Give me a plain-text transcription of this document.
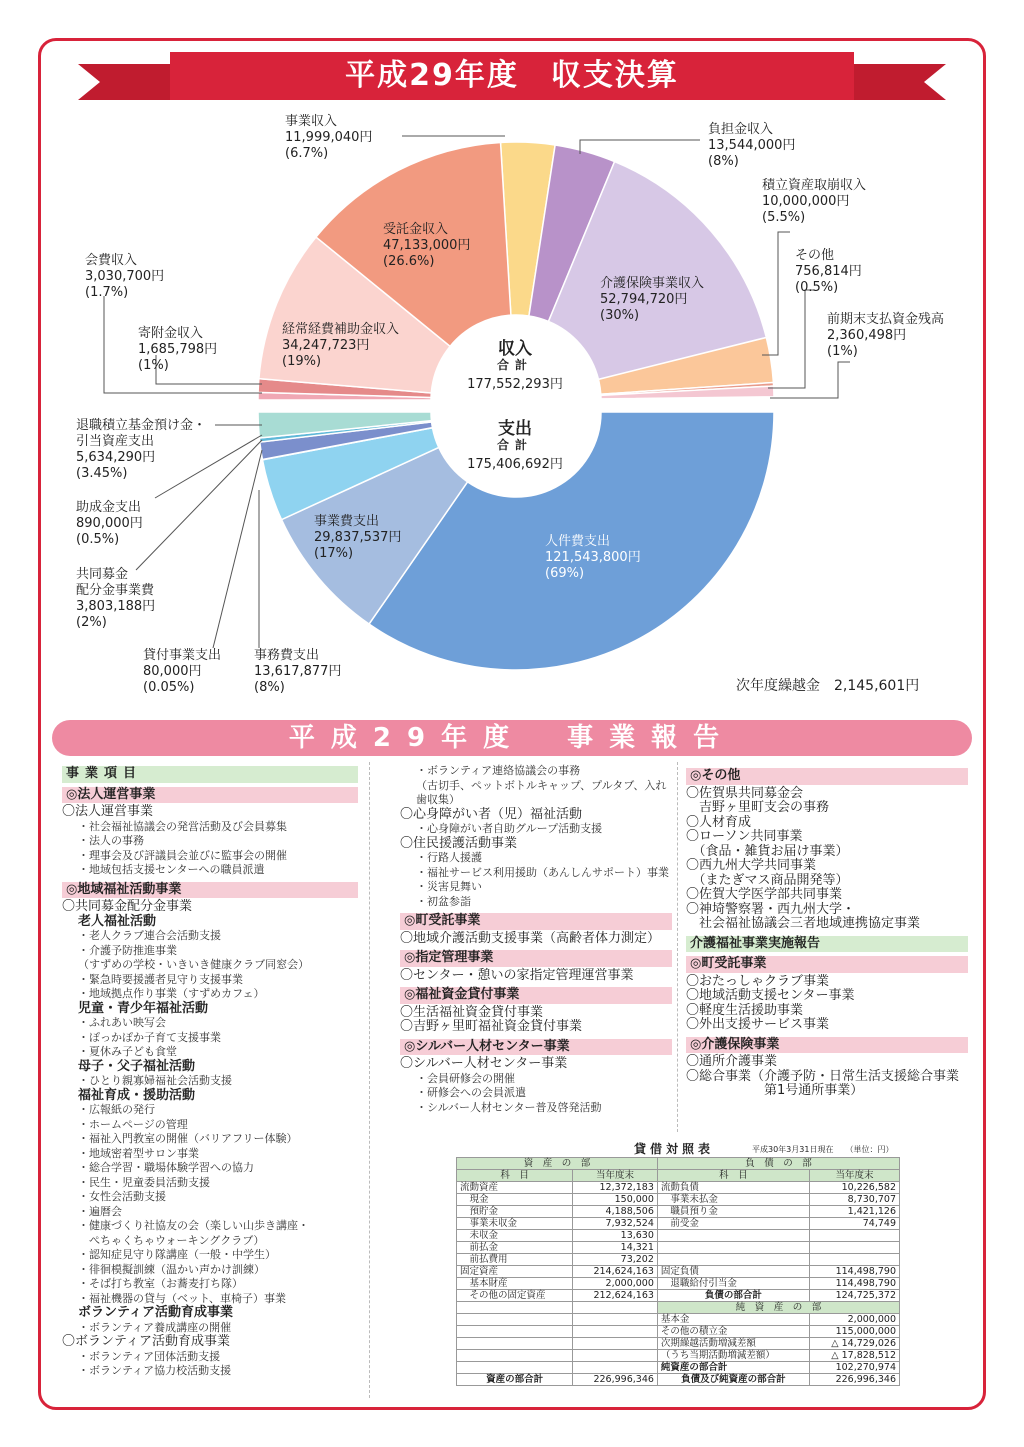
平成29年度　収支決算
事業収入
11,999,040円
(6.7%)
負担金収入
13,544,000円
(8%)
積立資産取崩収入
10,000,000円
(5.5%)
その他
756,814円
(0.5%)
前期末支払資金残高
2,360,498円
(1%)
会費収入
3,030,700円
(1.7%)
寄附金収入
1,685,798円
(1%)
受託金収入
47,133,000円
(26.6%)
経常経費補助金収入
34,247,723円
(19%)
介護保険事業収入
52,794,720円
(30%)
収入
合計
177,552,293円
支出
合計
175,406,692円
退職積立基金預け金・
引当資産支出
5,634,290円
(3.45%)
助成金支出
890,000円
(0.5%)
共同募金
配分金事業費
3,803,188円
(2%)
貸付事業支出
80,000円
(0.05%)
事務費支出
13,617,877円
(8%)
事業費支出
29,837,537円
(17%)
人件費支出
121,543,800円
(69%)
次年度繰越金　2,145,601円
平成29年度　事業報告
事業項目
◎法人運営事業
〇法人運営事業
・社会福祉協議会の発営活動及び会員募集
・法人の事務
・理事会及び評議員会並びに監事会の開催
・地域包括支援センターへの職員派遣
◎地域福祉活動事業
〇共同募金配分金事業
老人福祉活動
・老人クラブ連合会活動支援
・介護予防推進事業
（すずめの学校・いきいき健康クラブ同窓会）
・緊急時要援護者見守り支援事業
・地域拠点作り事業（すずめカフェ）
児童・青少年福祉活動
・ふれあい映写会
・ぽっかぽか子育て支援事業
・夏休み子ども食堂
母子・父子福祉活動
・ひとり親寡婦福祉会活動支援
福祉育成・援助活動
・広報紙の発行
・ホームページの管理
・福祉入門教室の開催（バリアフリー体験）
・地域密着型サロン事業
・総合学習・職場体験学習への協力
・民生・児童委員活動支援
・女性会活動支援
・遍暦会
・健康づくり社協友の会（楽しい山歩き講座・
　ぺちゃくちゃウォーキングクラブ）
・認知症見守り隊講座（一般・中学生）
・徘徊模擬訓練（温かい声かけ訓練）
・そば打ち教室（お蕎麦打ち隊）
・福祉機器の貸与（ベット、車椅子）事業
ボランティア活動育成事業
・ボランティア養成講座の開催
〇ボランティア活動育成事業
・ボランティア団体活動支援
・ボランティア協力校活動支援
・ボランティア連絡協議会の事務
（古切手、ペットボトルキャップ、プルタブ、入れ歯収集）
〇心身障がい者（児）福祉活動
・心身障がい者自助グループ活動支援
〇住民援護活動事業
・行路人援護
・福祉サービス利用援助（あんしんサポート）事業
・災害見舞い
・初盆参詣
◎町受託事業
〇地域介護活動支援事業（高齢者体力測定）
◎指定管理事業
〇センター・憩いの家指定管理運営事業
◎福祉資金貸付事業
〇生活福祉資金貸付事業
〇吉野ヶ里町福祉資金貸付事業
◎シルバー人材センター事業
〇シルバー人材センター事業
・会員研修会の開催
・研修会への会員派遣
・シルバー人材センター普及啓発活動
◎その他
〇佐賀県共同募金会
　吉野ヶ里町支会の事務
〇人材育成
〇ローソン共同事業
　（食品・雑貨お届け事業）
〇西九州大学共同事業
　（またぎマス商品開発等）
〇佐賀大学医学部共同事業
〇神埼警察署・西九州大学・
　社会福祉協議会三者地域連携協定事業
介護福祉事業実施報告
◎町受託事業
〇おたっしゃクラブ事業
〇地域活動支援センター事業
〇軽度生活援助事業
〇外出支援サービス事業
◎介護保険事業
〇通所介護事業
〇総合事業（介護予防・日常生活支援総合事業
　　　　　　第1号通所事業）
貸借対照表	平成30年3月31日現在　　（単位：円）
資　産　の　部		負　債　の　部	
科　目	当年度末	科　目	当年度末
流動資産	12,372,183	流動負債	10,226,582
　現金	150,000	　事業未払金	8,730,707
　預貯金	4,188,506	　職員預り金	1,421,126
　事業未収金	7,932,524	　前受金	74,749
　未収金	13,630		
　前払金	14,321		
　前払費用	73,202		
固定資産	214,624,163	固定負債	114,498,790
　基本財産	2,000,000	　退職給付引当金	114,498,790
　その他の固定資産	212,624,163	負債の部合計	124,725,372
		純　資　産　の　部	
		基本金	2,000,000
		その他の積立金	115,000,000
		次期繰越活動増減差額	△ 14,729,026
		（うち当期活動増減差額）	△ 17,828,512
		純資産の部合計	102,270,974
資産の部合計	226,996,346	負債及び純資産の部合計	226,996,346
